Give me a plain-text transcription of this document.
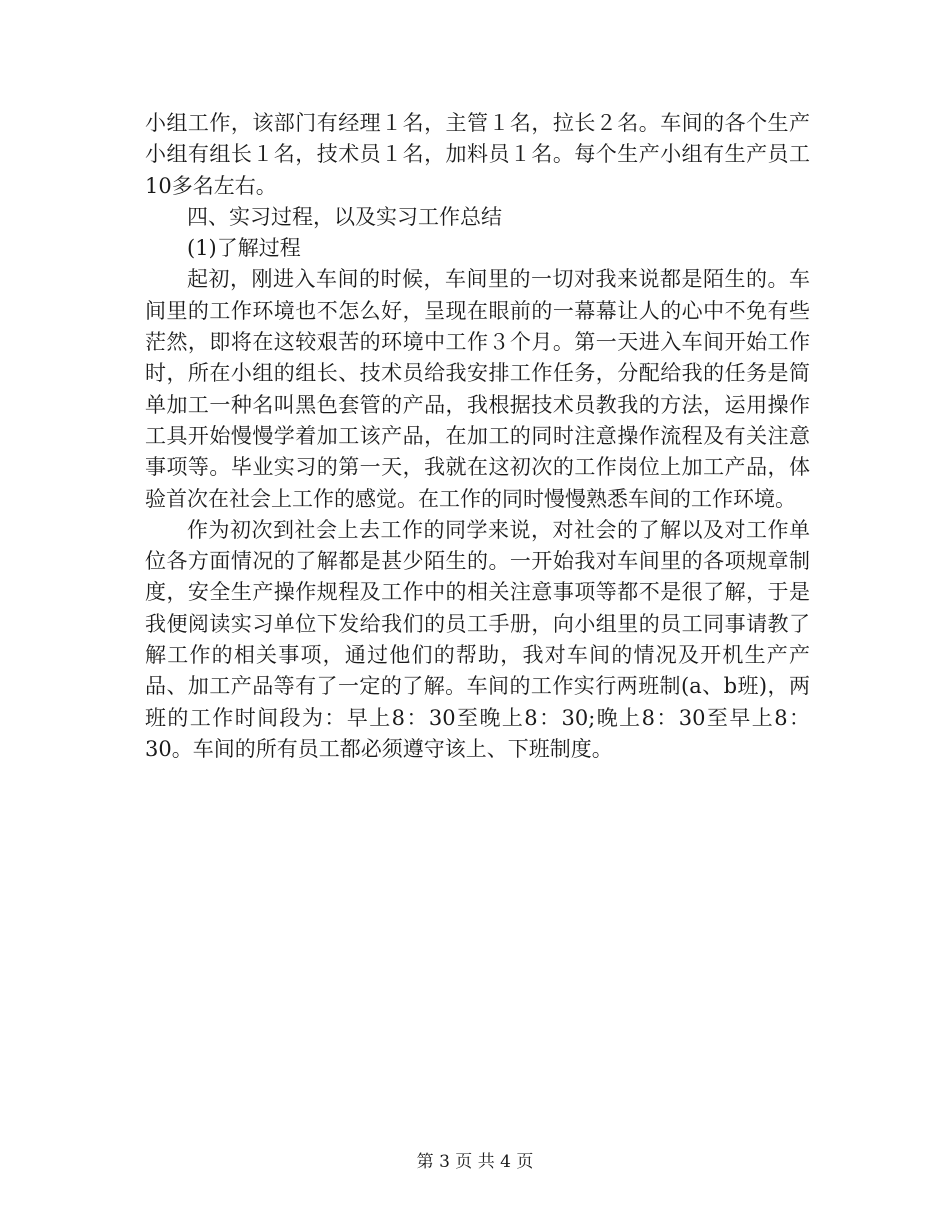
小组工作，该部门有经理１名，主管１名，拉长２名。车间的各个生产小组有组长１名，技术员１名，加料员１名。每个生产小组有生产员工10多名左右。

四、实习过程，以及实习工作总结

(1)了解过程

起初，刚进入车间的时候，车间里的一切对我来说都是陌生的。车间里的工作环境也不怎么好，呈现在眼前的一幕幕让人的心中不免有些茫然，即将在这较艰苦的环境中工作３个月。第一天进入车间开始工作时，所在小组的组长、技术员给我安排工作任务，分配给我的任务是简单加工一种名叫黑色套管的产品，我根据技术员教我的方法，运用操作工具开始慢慢学着加工该产品，在加工的同时注意操作流程及有关注意事项等。毕业实习的第一天，我就在这初次的工作岗位上加工产品，体验首次在社会上工作的感觉。在工作的同时慢慢熟悉车间的工作环境。

作为初次到社会上去工作的同学来说，对社会的了解以及对工作单位各方面情况的了解都是甚少陌生的。一开始我对车间里的各项规章制度，安全生产操作规程及工作中的相关注意事项等都不是很了解，于是我便阅读实习单位下发给我们的员工手册，向小组里的员工同事请教了解工作的相关事项，通过他们的帮助，我对车间的情况及开机生产产品、加工产品等有了一定的了解。车间的工作实行两班制(a、b班)，两班的工作时间段为：早上8：30至晚上8：30;晚上8：30至早上8：30。车间的所有员工都必须遵守该上、下班制度。

第 3 页 共 4 页
